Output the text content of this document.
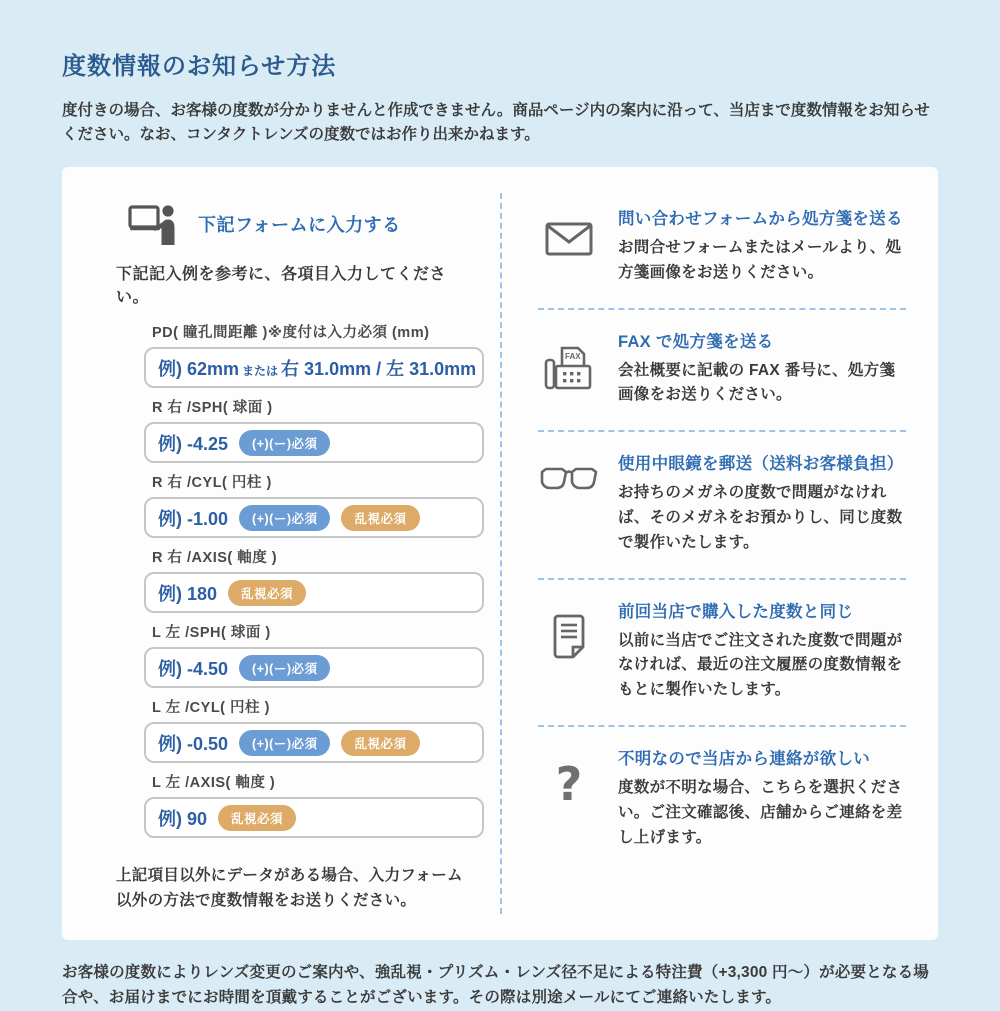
度数情報のお知らせ方法
度付きの場合、お客様の度数が分かりませんと作成できません。商品ページ内の案内に沿って、当店まで度数情報をお知らせください。なお、コンタクトレンズの度数ではお作り出来かねます。
下記フォームに入力する
下記記入例を参考に、各項目入力してください。
PD( 瞳孔間距離 )※度付は入力必須 (mm)
例) 62mm または 右 31.0mm / 左 31.0mm
R 右 /SPH( 球面 )
例) -4.25	(+)(ー)必須
R 右 /CYL( 円柱 )
例) -1.00	(+)(ー)必須	乱視必須
R 右 /AXIS( 軸度 )
例) 180	乱視必須
L 左 /SPH( 球面 )
例) -4.50	(+)(ー)必須
L 左 /CYL( 円柱 )
例) -0.50	(+)(ー)必須	乱視必須
L 左 /AXIS( 軸度 )
例) 90	乱視必須
上記項目以外にデータがある場合、入力フォーム以外の方法で度数情報をお送りください。
問い合わせフォームから処方箋を送る
お問合せフォームまたはメールより、処方箋画像をお送りください。
FAX
FAX で処方箋を送る
会社概要に記載の FAX 番号に、処方箋画像をお送りください。
使用中眼鏡を郵送（送料お客様負担）
お持ちのメガネの度数で問題がなければ、そのメガネをお預かりし、同じ度数で製作いたします。
前回当店で購入した度数と同じ
以前に当店でご注文された度数で問題がなければ、最近の注文履歴の度数情報をもとに製作いたします。
? 不明なので当店から連絡が欲しい
度数が不明な場合、こちらを選択ください。ご注文確認後、店舗からご連絡を差し上げます。
お客様の度数によりレンズ変更のご案内や、強乱視・プリズム・レンズ径不足による特注費（+3,300 円〜）が必要となる場合や、お届けまでにお時間を頂戴することがございます。その際は別途メールにてご連絡いたします。
